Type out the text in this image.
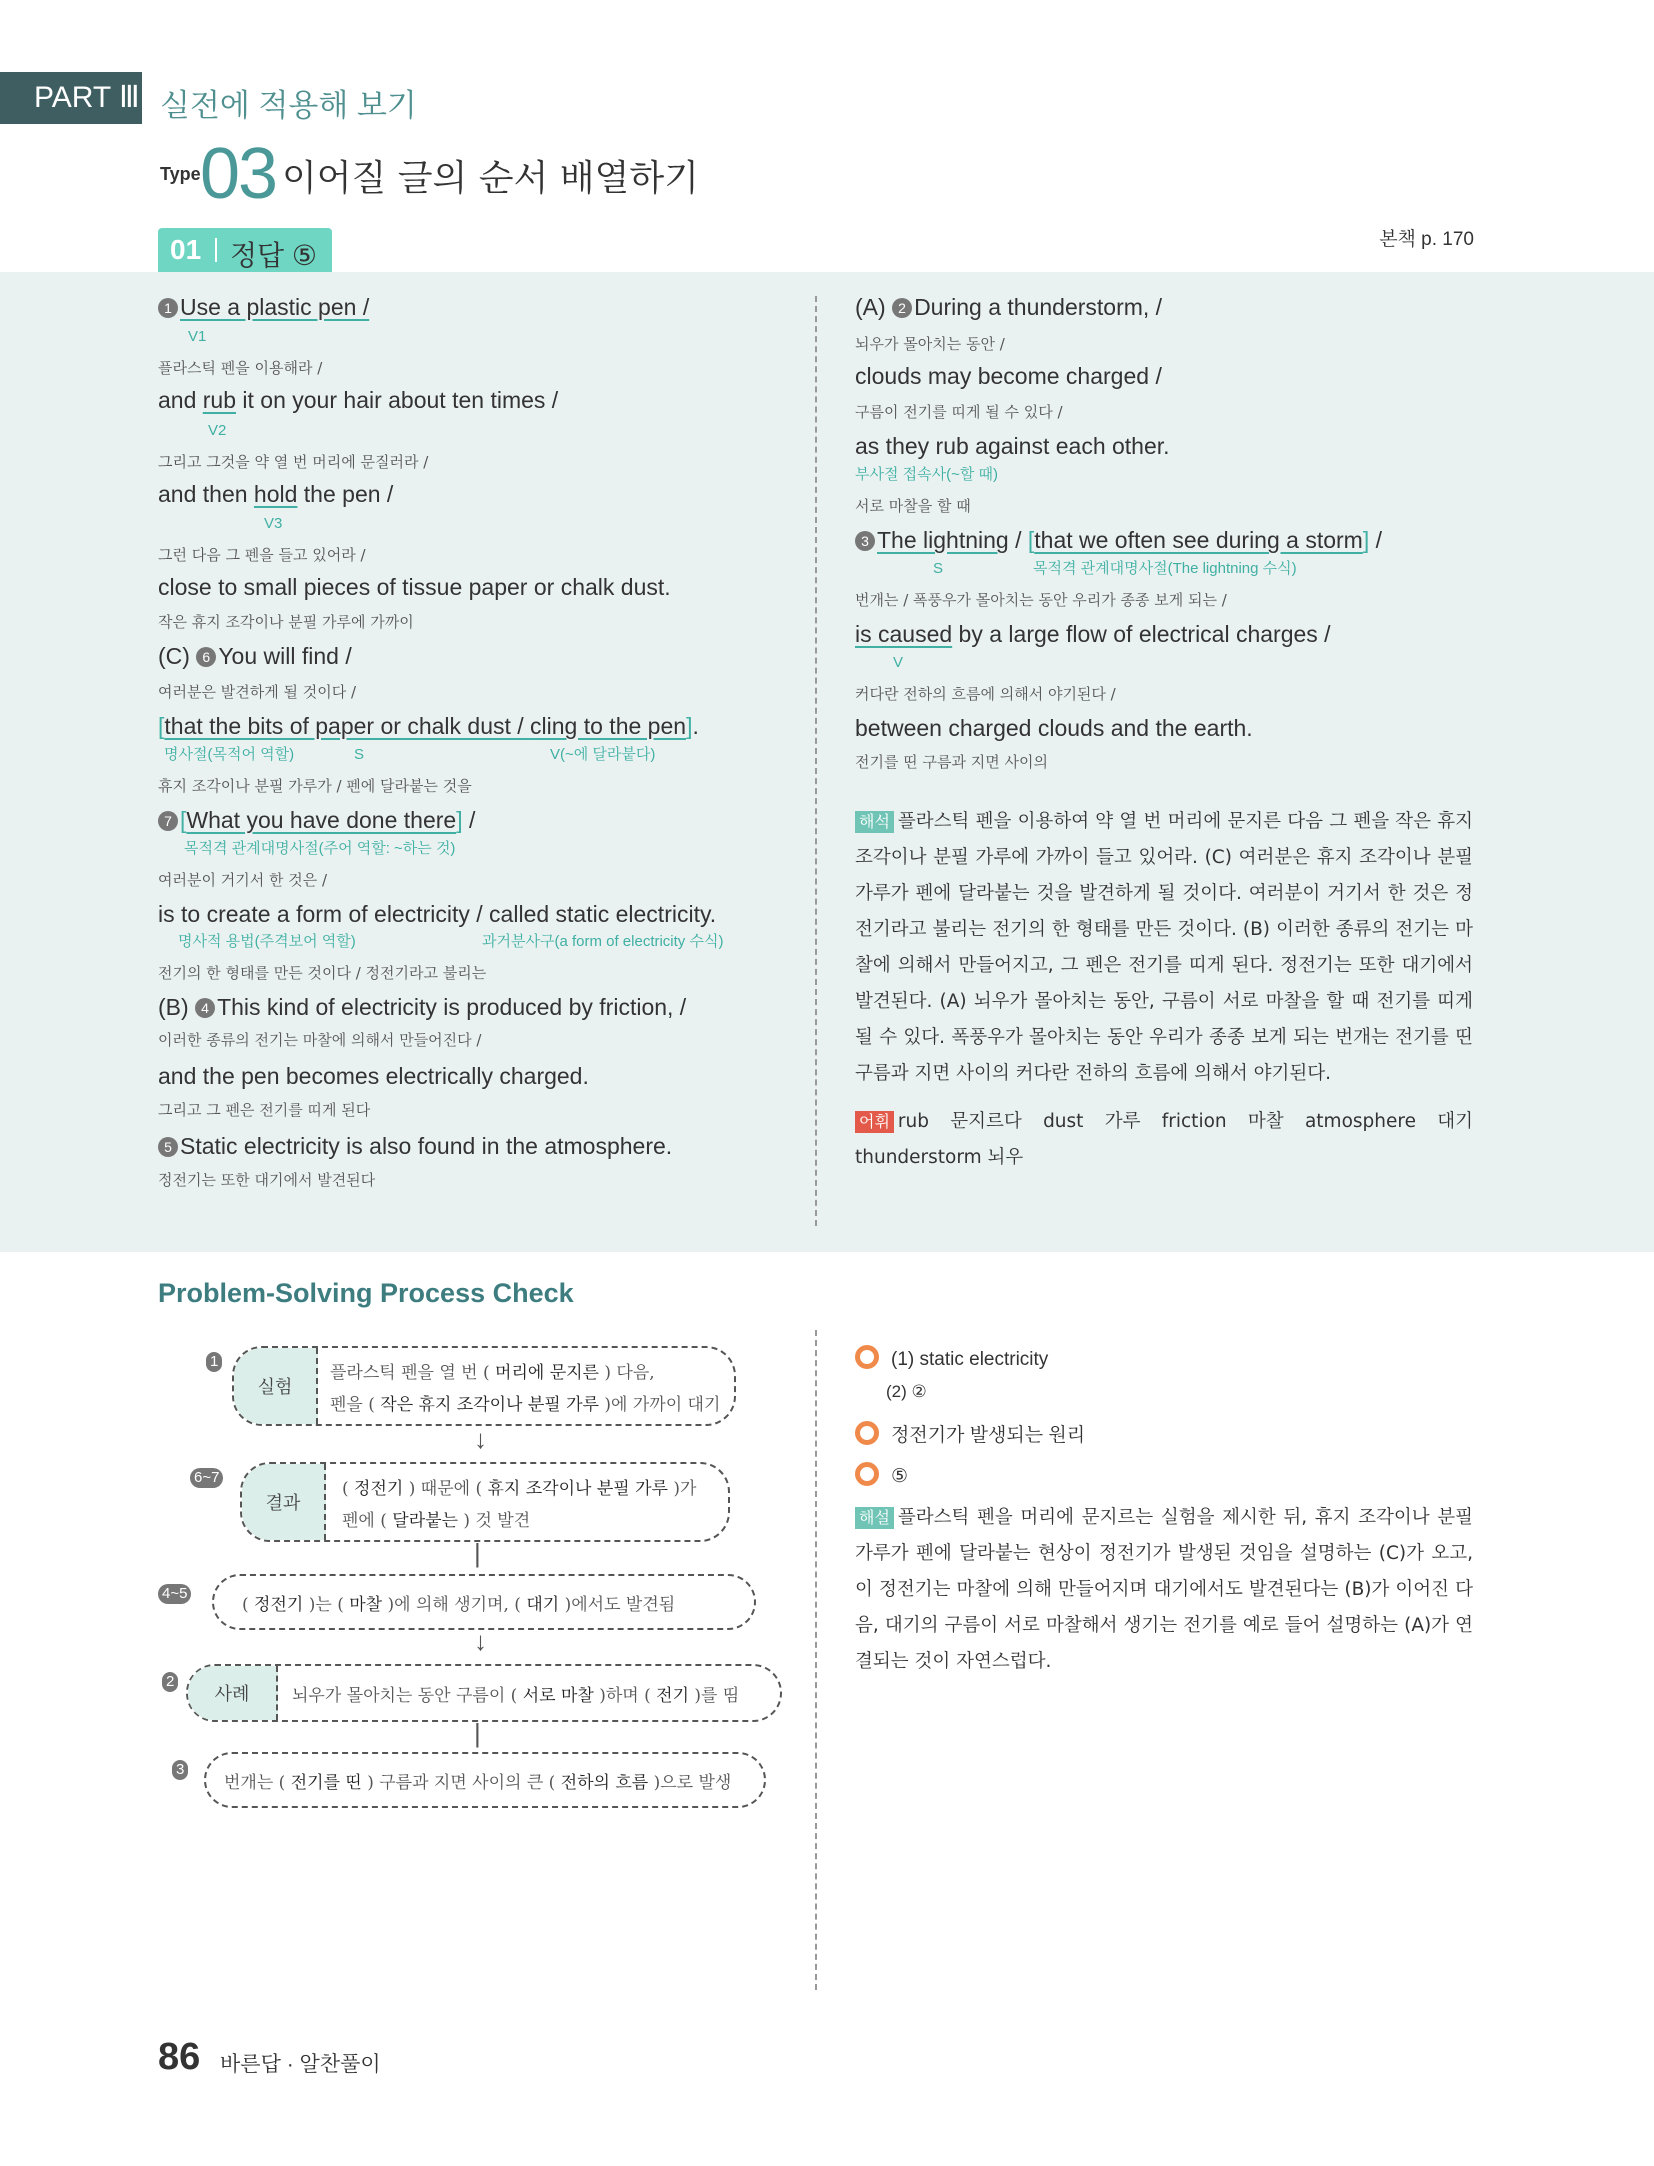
PART Ⅲ 실전에 적용해 보기
Type 03 이어질 글의 순서 배열하기
01 정답 ⑤
본책 p. 170
1 Use a plastic pen /
V1
플라스틱 펜을 이용해라 /
and rub it on your hair about ten times /
V2
그리고 그것을 약 열 번 머리에 문질러라 /
and then hold the pen /
V3
그런 다음 그 펜을 들고 있어라 /
close to small pieces of tissue paper or chalk dust.
작은 휴지 조각이나 분필 가루에 가까이
(C) 6 You will find /
여러분은 발견하게 될 것이다 /
[that the bits of paper or chalk dust / cling to the pen].
명사절(목적어 역할)	S	V(~에 달라붙다)
휴지 조각이나 분필 가루가 / 펜에 달라붙는 것을
7 [What you have done there] /
목적격 관계대명사절(주어 역할: ~하는 것)
여러분이 거기서 한 것은 /
is to create a form of electricity / called static electricity.
명사적 용법(주격보어 역할)	과거분사구(a form of electricity 수식)
전기의 한 형태를 만든 것이다 / 정전기라고 불리는
(B) 4 This kind of electricity is produced by friction, /
이러한 종류의 전기는 마찰에 의해서 만들어진다 /
and the pen becomes electrically charged.
그리고 그 펜은 전기를 띠게 된다
5 Static electricity is also found in the atmosphere.
정전기는 또한 대기에서 발견된다
(A) 2 During a thunderstorm, /
뇌우가 몰아치는 동안 /
clouds may become charged /
구름이 전기를 띠게 될 수 있다 /
as they rub against each other.
부사절 접속사(~할 때)
서로 마찰을 할 때
3 The lightning / [that we often see during a storm] /
S	목적격 관계대명사절(The lightning 수식)
번개는 / 폭풍우가 몰아치는 동안 우리가 종종 보게 되는 /
is caused by a large flow of electrical charges /
V
커다란 전하의 흐름에 의해서 야기된다 /
between charged clouds and the earth.
전기를 띤 구름과 지면 사이의
해석 플라스틱 펜을 이용하여 약 열 번 머리에 문지른 다음 그 펜을 작은 휴지 조각이나 분필 가루에 가까이 들고 있어라. (C) 여러분은 휴지 조각이나 분필 가루가 펜에 달라붙는 것을 발견하게 될 것이다. 여러분이 거기서 한 것은 정전기라고 불리는 전기의 한 형태를 만든 것이다. (B) 이러한 종류의 전기는 마찰에 의해서 만들어지고, 그 펜은 전기를 띠게 된다. 정전기는 또한 대기에서 발견된다. (A) 뇌우가 몰아치는 동안, 구름이 서로 마찰을 할 때 전기를 띠게 될 수 있다. 폭풍우가 몰아치는 동안 우리가 종종 보게 되는 번개는 전기를 띤 구름과 지면 사이의 커다란 전하의 흐름에 의해서 야기된다.
어휘 rub 문지르다 dust 가루 friction 마찰 atmosphere 대기 thunderstorm 뇌우
Problem-Solving Process Check
1
실험
플라스틱 펜을 열 번 ( 머리에 문지른 ) 다음,
펜을 ( 작은 휴지 조각이나 분필 가루 )에 가까이 대기
↓
6~7
결과
( 정전기 ) 때문에 ( 휴지 조각이나 분필 가루 )가
펜에 ( 달라붙는 ) 것 발견
|
4~5
( 정전기 )는 ( 마찰 )에 의해 생기며, ( 대기 )에서도 발견됨
↓
2
사례	뇌우가 몰아치는 동안 구름이 ( 서로 마찰 )하며 ( 전기 )를 띰
|
3
번개는 ( 전기를 띤 ) 구름과 지면 사이의 큰 ( 전하의 흐름 )으로 발생
(1) static electricity
(2) ②
정전기가 발생되는 원리
⑤
해설 플라스틱 펜을 머리에 문지르는 실험을 제시한 뒤, 휴지 조각이나 분필 가루가 펜에 달라붙는 현상이 정전기가 발생된 것임을 설명하는 (C)가 오고, 이 정전기는 마찰에 의해 만들어지며 대기에서도 발견된다는 (B)가 이어진 다음, 대기의 구름이 서로 마찰해서 생기는 전기를 예로 들어 설명하는 (A)가 연결되는 것이 자연스럽다.
86 바른답 · 알찬풀이
